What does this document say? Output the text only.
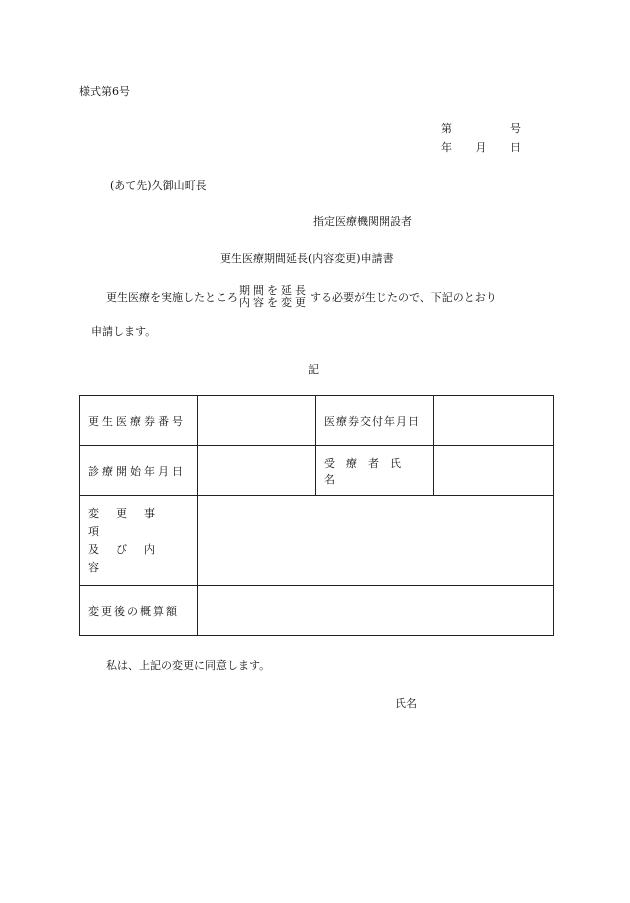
様式第6号
第	号
年 月 日
(あて先)久御山町長
指定医療機関開設者
更生医療期間延長(内容変更)申請書
更生医療を実施したところ
期間を延長
内容を変更 する必要が生じたので、下記のとおり
申請します。
記
更生医療券番号		医療券交付年月日	
診療開始年月日		受療者氏名	

変更事項
及び内容			

変更後の概算額			
私は、上記の変更に同意します。
氏名
